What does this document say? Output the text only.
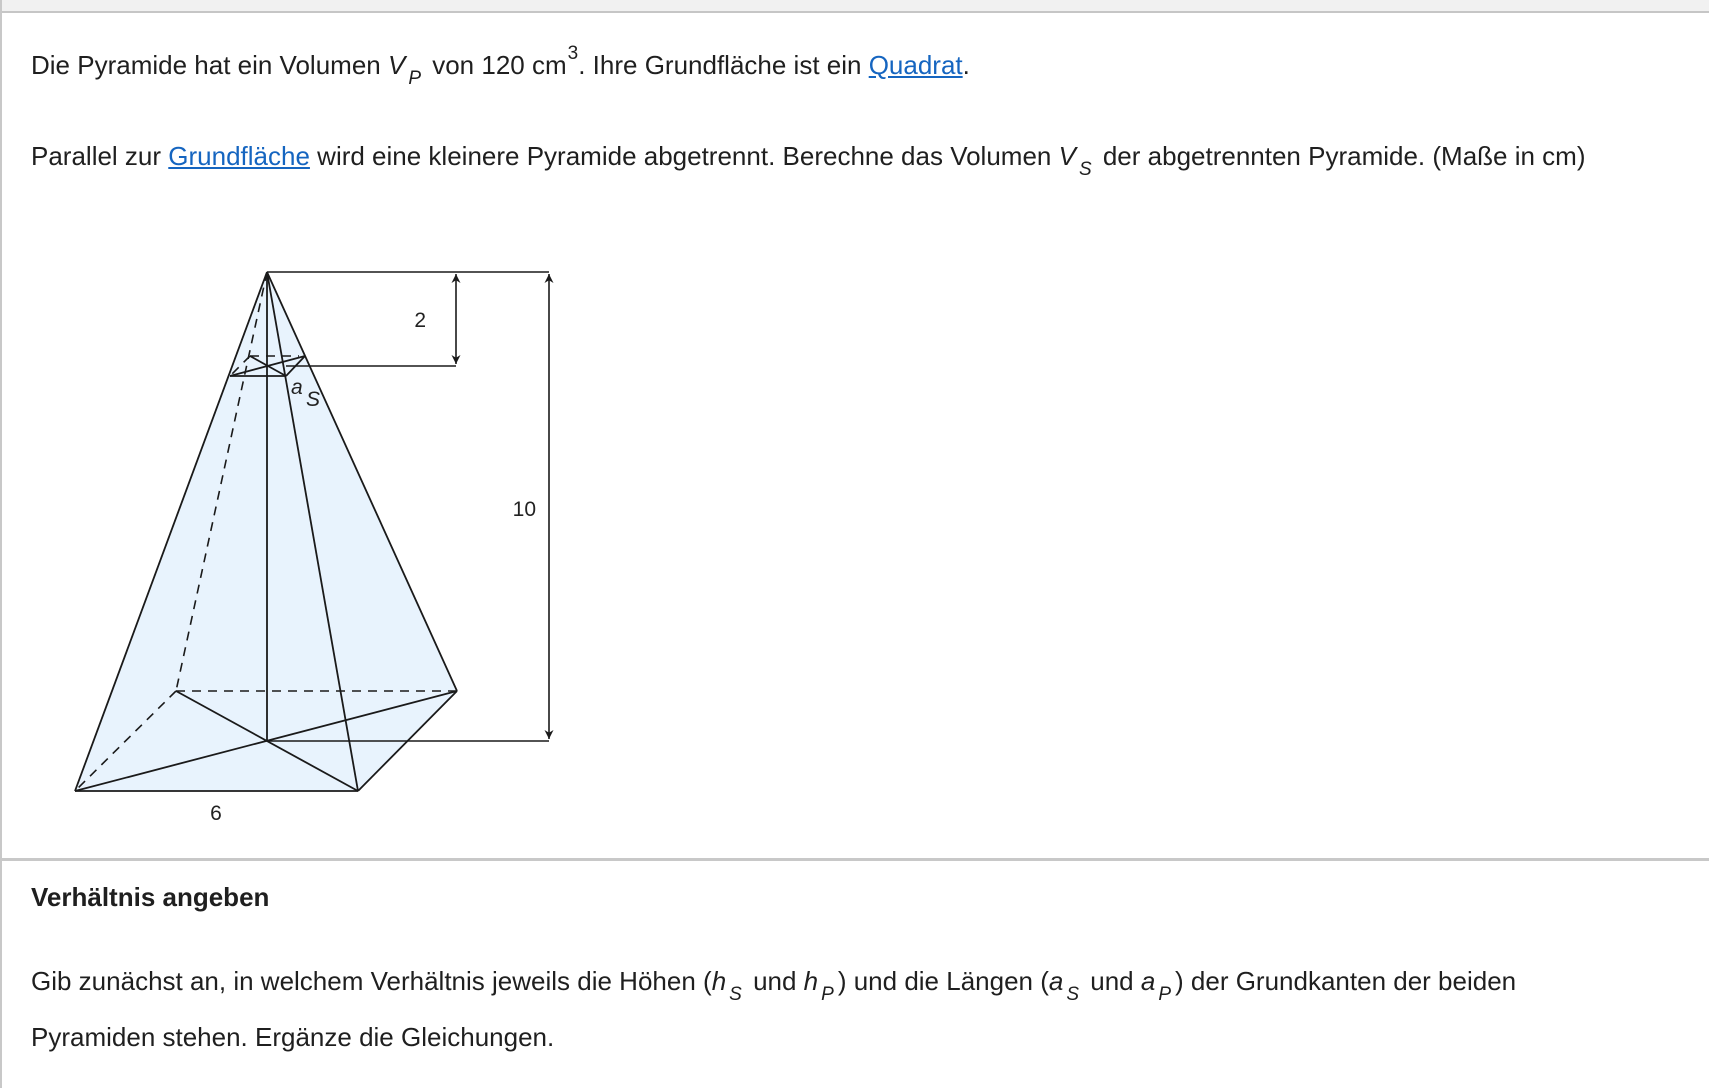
Die Pyramide hat ein Volumen V $_P$ von 120 $cm^3$. Ihre Grundfläche ist ein Quadrat.
Parallel zur Grundfläche wird eine kleinere Pyramide abgetrennt. Berechne das Volumen V $_S$ der abgetrennten Pyramide. (Maße in cm)
2
10
6
a
S
Verhältnis angeben
Gib zunächst an, in welchem Verhältnis jeweils die Höhen (h $_S$ und h $_P$ ) und die Längen (a $_S$ und a $_P$ ) der Grundkanten der beiden
Pyramiden stehen. Ergänze die Gleichungen.
